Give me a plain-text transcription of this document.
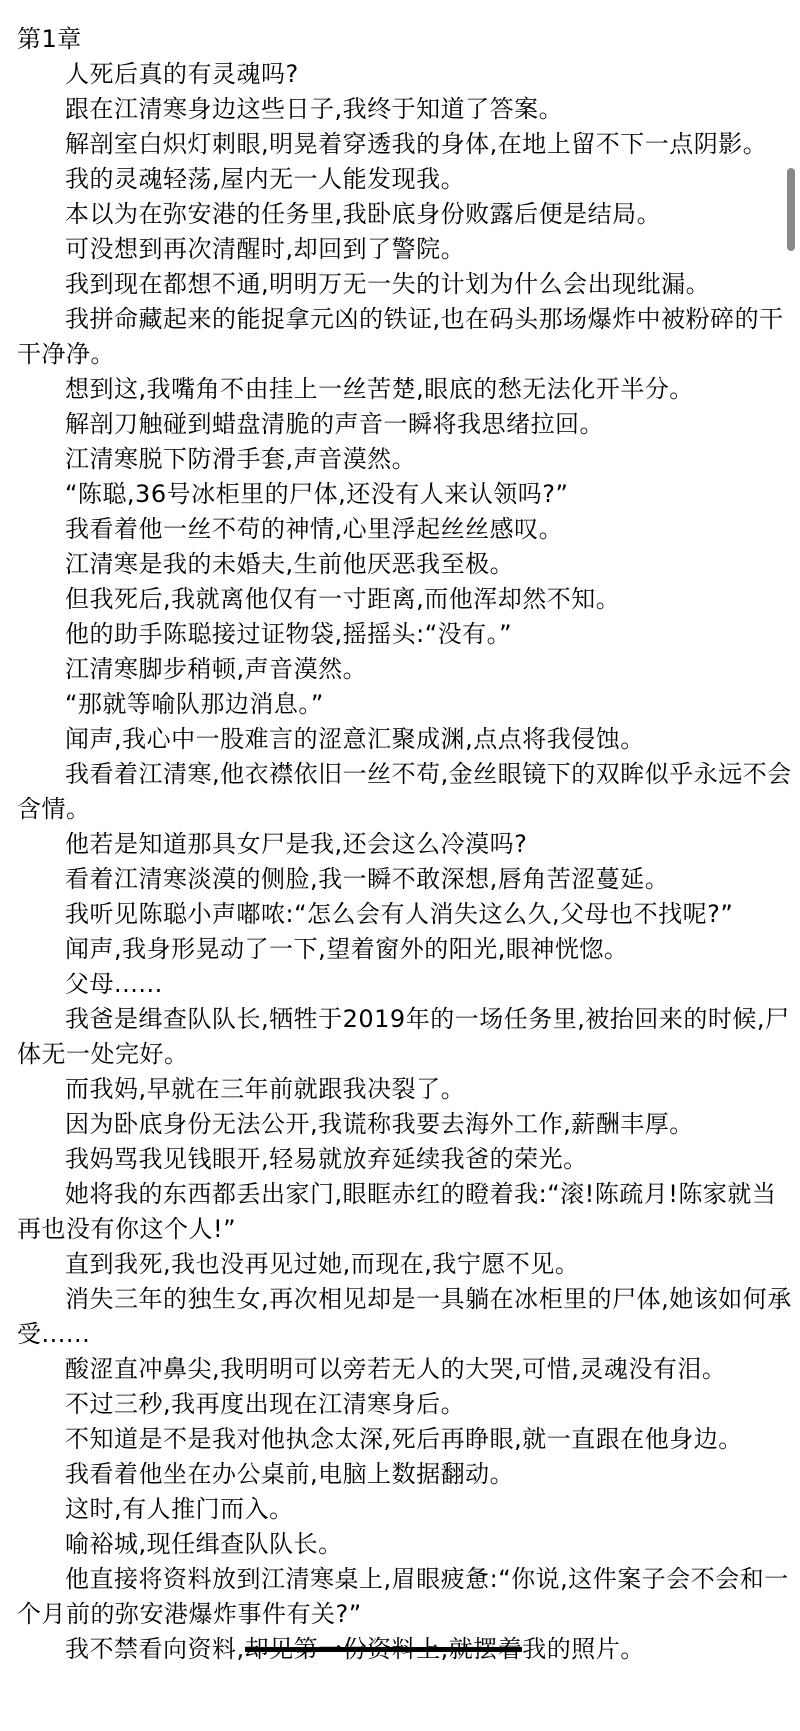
第1章

人死后真的有灵魂吗?

跟在江清寒身边这些日子,我终于知道了答案。

解剖室白炽灯刺眼,明晃着穿透我的身体,在地上留不下一点阴影。

我的灵魂轻荡,屋内无一人能发现我。

本以为在弥安港的任务里,我卧底身份败露后便是结局。

可没想到再次清醒时,却回到了警院。

我到现在都想不通,明明万无一失的计划为什么会出现纰漏。

我拼命藏起来的能捉拿元凶的铁证,也在码头那场爆炸中被粉碎的干干净净。

想到这,我嘴角不由挂上一丝苦楚,眼底的愁无法化开半分。

解剖刀触碰到蜡盘清脆的声音一瞬将我思绪拉回。

江清寒脱下防滑手套,声音漠然。

“陈聪,36号冰柜里的尸体,还没有人来认领吗?”

我看着他一丝不苟的神情,心里浮起丝丝感叹。

江清寒是我的未婚夫,生前他厌恶我至极。

但我死后,我就离他仅有一寸距离,而他浑却然不知。

他的助手陈聪接过证物袋,摇摇头:“没有。”

江清寒脚步稍顿,声音漠然。

“那就等喻队那边消息。”

闻声,我心中一股难言的涩意汇聚成渊,点点将我侵蚀。

我看着江清寒,他衣襟依旧一丝不苟,金丝眼镜下的双眸似乎永远不会含情。

他若是知道那具女尸是我,还会这么冷漠吗?

看着江清寒淡漠的侧脸,我一瞬不敢深想,唇角苦涩蔓延。

我听见陈聪小声嘟哝:“怎么会有人消失这么久,父母也不找呢?”

闻声,我身形晃动了一下,望着窗外的阳光,眼神恍惚。

父母......

我爸是缉查队队长,牺牲于2019年的一场任务里,被抬回来的时候,尸体无一处完好。

而我妈,早就在三年前就跟我决裂了。

因为卧底身份无法公开,我谎称我要去海外工作,薪酬丰厚。

我妈骂我见钱眼开,轻易就放弃延续我爸的荣光。

她将我的东西都丢出家门,眼眶赤红的瞪着我:“滚!陈疏月!陈家就当再也没有你这个人!”

直到我死,我也没再见过她,而现在,我宁愿不见。

消失三年的独生女,再次相见却是一具躺在冰柜里的尸体,她该如何承受......

酸涩直冲鼻尖,我明明可以旁若无人的大哭,可惜,灵魂没有泪。

不过三秒,我再度出现在江清寒身后。

不知道是不是我对他执念太深,死后再睁眼,就一直跟在他身边。

我看着他坐在办公桌前,电脑上数据翻动。

这时,有人推门而入。

喻裕城,现任缉查队队长。

他直接将资料放到江清寒桌上,眉眼疲惫:“你说,这件案子会不会和一个月前的弥安港爆炸事件有关?”

我不禁看向资料,却见第一份资料上,就摆着我的照片。
